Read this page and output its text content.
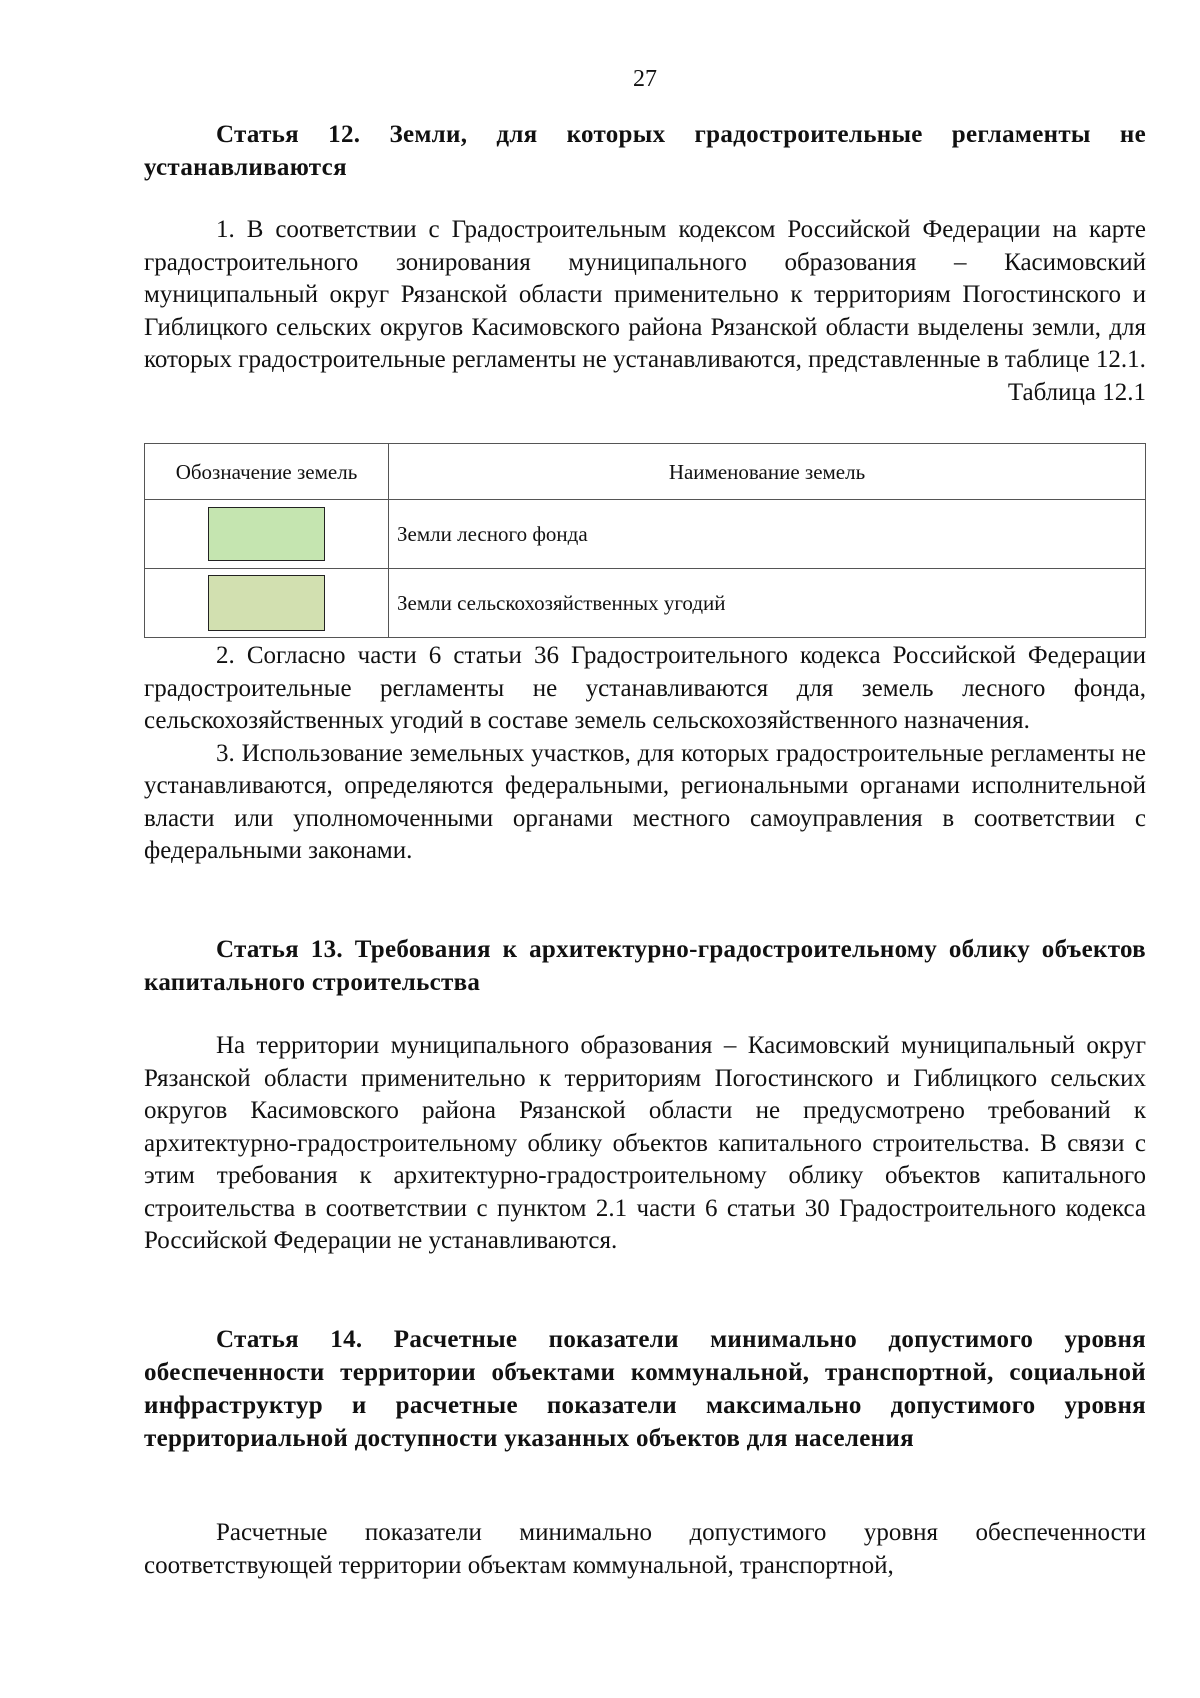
27

Статья 12. Земли, для которых градостроительные регламенты не устанавливаются

1. В соответствии с Градостроительным кодексом Российской Федерации на карте градостроительного зонирования муниципального образования – Касимовский муниципальный округ Рязанской области применительно к территориям Погостинского и Гиблицкого сельских округов Касимовского района Рязанской области выделены земли, для которых градостроительные регламенты не устанавливаются, представленные в таблице 12.1.

Таблица 12.1

Обозначение земель	Наименование земель
	Земли лесного фонда
	Земли сельскохозяйственных угодий

2. Согласно части 6 статьи 36 Градостроительного кодекса Российской Федерации градостроительные регламенты не устанавливаются для земель лесного фонда, сельскохозяйственных угодий в составе земель сельскохозяйственного назначения.

3. Использование земельных участков, для которых градостроительные регламенты не устанавливаются, определяются федеральными, региональными органами исполнительной власти или уполномоченными органами местного самоуправления в соответствии с федеральными законами.

Статья 13. Требования к архитектурно-градостроительному облику объектов капитального строительства

На территории муниципального образования – Касимовский муниципальный округ Рязанской области применительно к территориям Погостинского и Гиблицкого сельских округов Касимовского района Рязанской области не предусмотрено требований к архитектурно-градостроительному облику объектов капитального строительства. В связи с этим требования к архитектурно-градостроительному облику объектов капитального строительства в соответствии с пунктом 2.1 части 6 статьи 30 Градостроительного кодекса Российской Федерации не устанавливаются.

Статья 14. Расчетные показатели минимально допустимого уровня обеспеченности территории объектами коммунальной, транспортной, социальной инфраструктур и расчетные показатели максимально допустимого уровня территориальной доступности указанных объектов для населения

Расчетные показатели минимально допустимого уровня обеспеченности соответствующей территории объектам коммунальной, транспортной,
